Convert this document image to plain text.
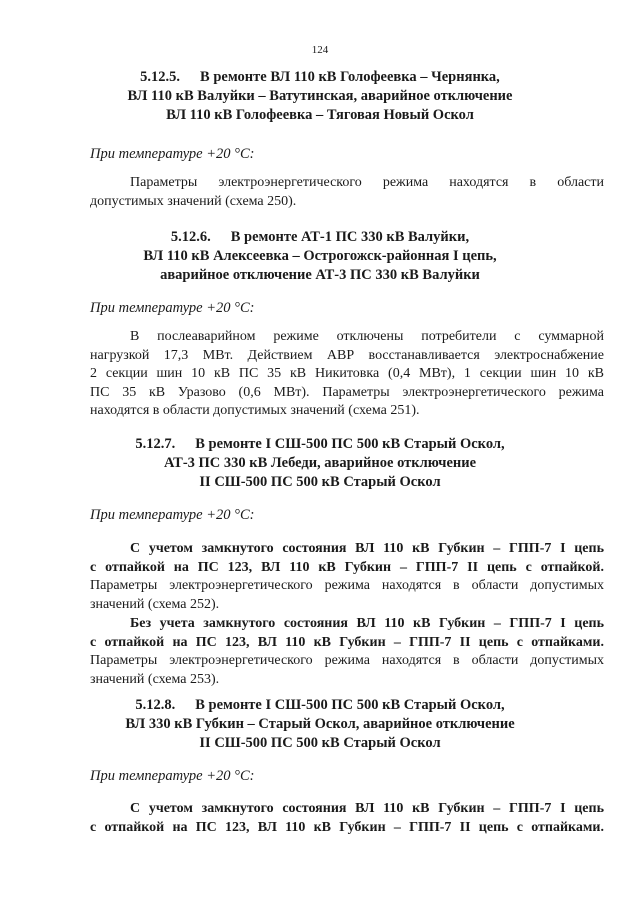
124
5.12.5. В ремонте ВЛ 110 кВ Голофеевка – Чернянка,
ВЛ 110 кВ Валуйки – Ватутинская, аварийное отключение
ВЛ 110 кВ Голофеевка – Тяговая Новый Оскол
При температуре +20 °С:
Параметры электроэнергетического режима находятся в области
допустимых значений (схема 250).
5.12.6. В ремонте АТ-1 ПС 330 кВ Валуйки,
ВЛ 110 кВ Алексеевка – Острогожск-районная I цепь,
аварийное отключение АТ-3 ПС 330 кВ Валуйки
При температуре +20 °С:
В послеаварийном режиме отключены потребители с суммарной
нагрузкой 17,3 МВт. Действием АВР восстанавливается электроснабжение
2 секции шин 10 кВ ПС 35 кВ Никитовка (0,4 МВт), 1 секции шин 10 кВ
ПС 35 кВ Уразово (0,6 МВт). Параметры электроэнергетического режима
находятся в области допустимых значений (схема 251).
5.12.7. В ремонте I СШ-500 ПС 500 кВ Старый Оскол,
АТ-3 ПС 330 кВ Лебеди, аварийное отключение
II СШ-500 ПС 500 кВ Старый Оскол
При температуре +20 °С:
С учетом замкнутого состояния ВЛ 110 кВ Губкин – ГПП-7 I цепь
с отпайкой на ПС 123, ВЛ 110 кВ Губкин – ГПП-7 II цепь с отпайкой.
Параметры электроэнергетического режима находятся в области допустимых
значений (схема 252).
Без учета замкнутого состояния ВЛ 110 кВ Губкин – ГПП-7 I цепь
с отпайкой на ПС 123, ВЛ 110 кВ Губкин – ГПП-7 II цепь с отпайками.
Параметры электроэнергетического режима находятся в области допустимых
значений (схема 253).
5.12.8. В ремонте I СШ-500 ПС 500 кВ Старый Оскол,
ВЛ 330 кВ Губкин – Старый Оскол, аварийное отключение
II СШ-500 ПС 500 кВ Старый Оскол
При температуре +20 °С:
С учетом замкнутого состояния ВЛ 110 кВ Губкин – ГПП-7 I цепь
с отпайкой на ПС 123, ВЛ 110 кВ Губкин – ГПП-7 II цепь с отпайками.
